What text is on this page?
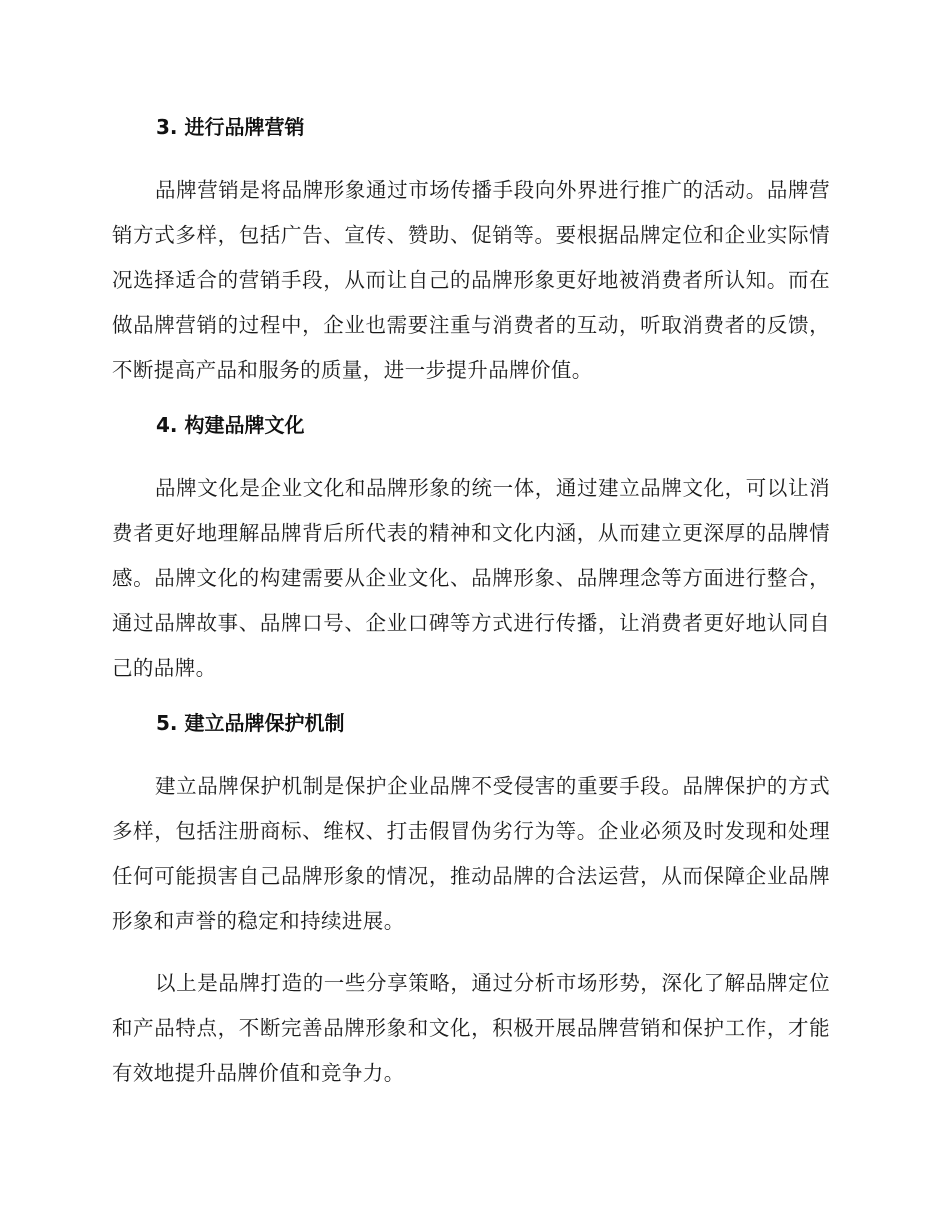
3. 进行品牌营销

品牌营销是将品牌形象通过市场传播手段向外界进行推广的活动。品牌营销方式多样，包括广告、宣传、赞助、促销等。要根据品牌定位和企业实际情况选择适合的营销手段，从而让自己的品牌形象更好地被消费者所认知。而在做品牌营销的过程中，企业也需要注重与消费者的互动，听取消费者的反馈，不断提高产品和服务的质量，进一步提升品牌价值。

4. 构建品牌文化

品牌文化是企业文化和品牌形象的统一体，通过建立品牌文化，可以让消费者更好地理解品牌背后所代表的精神和文化内涵，从而建立更深厚的品牌情感。品牌文化的构建需要从企业文化、品牌形象、品牌理念等方面进行整合，通过品牌故事、品牌口号、企业口碑等方式进行传播，让消费者更好地认同自己的品牌。

5. 建立品牌保护机制

建立品牌保护机制是保护企业品牌不受侵害的重要手段。品牌保护的方式多样，包括注册商标、维权、打击假冒伪劣行为等。企业必须及时发现和处理任何可能损害自己品牌形象的情况，推动品牌的合法运营，从而保障企业品牌形象和声誉的稳定和持续进展。

以上是品牌打造的一些分享策略，通过分析市场形势，深化了解品牌定位和产品特点，不断完善品牌形象和文化，积极开展品牌营销和保护工作，才能有效地提升品牌价值和竞争力。
